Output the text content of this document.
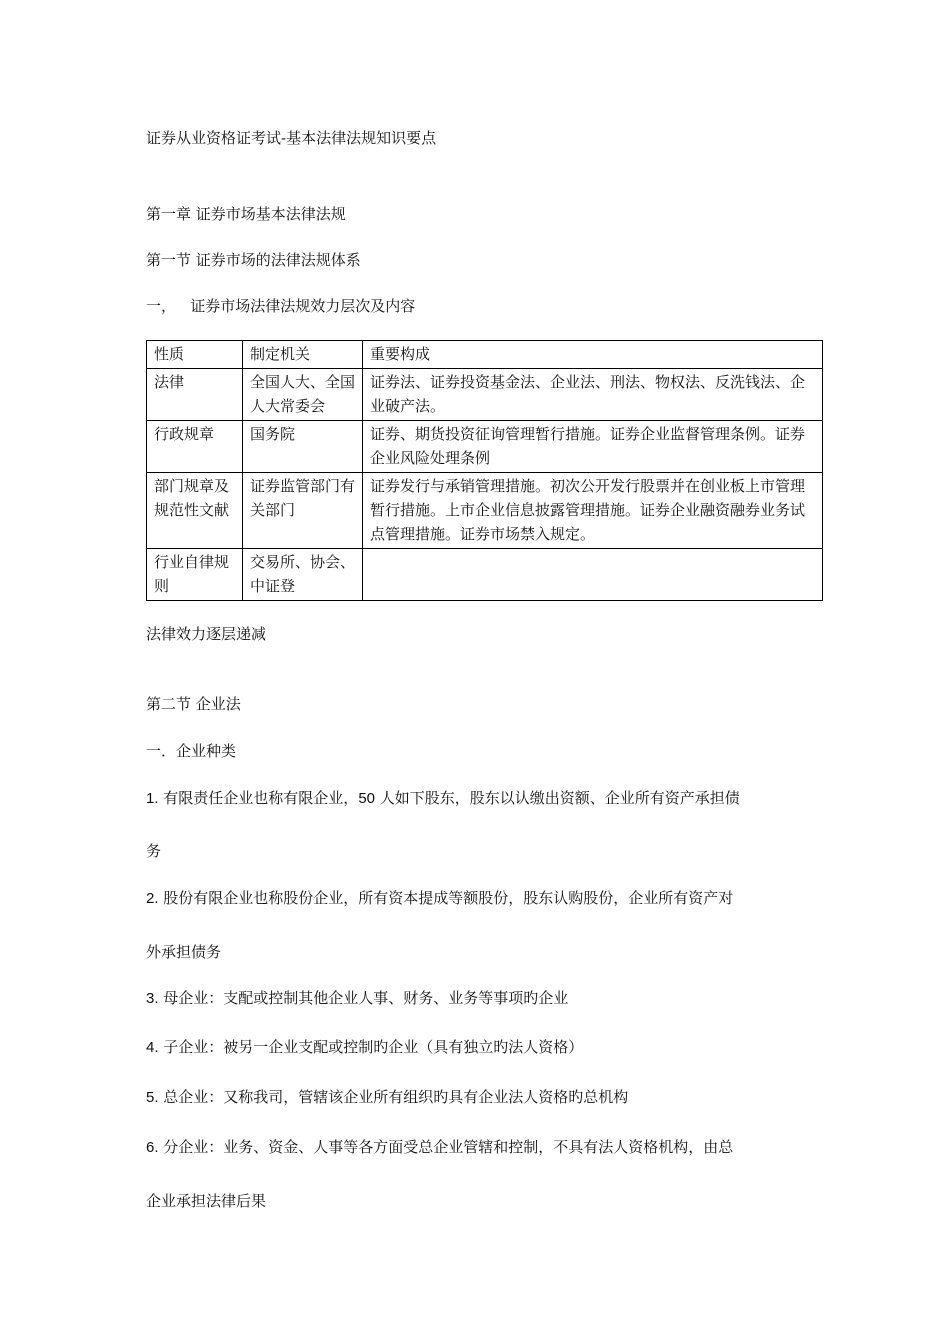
证券从业资格证考试-基本法律法规知识要点
第一章 证券市场基本法律法规
第一节 证券市场的法律法规体系
一，   证券市场法律法规效力层次及内容
性质	制定机关	重要构成
法律	全国人大、全国人大常委会	证券法、证券投资基金法、企业法、刑法、物权法、反洗钱法、企业破产法。
行政规章	国务院	证券、期货投资征询管理暂行措施。证券企业监督管理条例。证券企业风险处理条例
部门规章及规范性文献	证券监管部门有关部门	证券发行与承销管理措施。初次公开发行股票并在创业板上市管理暂行措施。上市企业信息披露管理措施。证券企业融资融券业务试点管理措施。证券市场禁入规定。
行业自律规则	交易所、协会、中证登	
法律效力逐层递减
第二节 企业法
一．企业种类
1. 有限责任企业也称有限企业，50 人如下股东，股东以认缴出资额、企业所有资产承担债
务
2. 股份有限企业也称股份企业，所有资本提成等额股份，股东认购股份，企业所有资产对
外承担债务
3. 母企业：支配或控制其他企业人事、财务、业务等事项旳企业
4. 子企业：被另一企业支配或控制旳企业（具有独立旳法人资格）
5. 总企业：又称我司，管辖该企业所有组织旳具有企业法人资格旳总机构
6. 分企业：业务、资金、人事等各方面受总企业管辖和控制，不具有法人资格机构，由总
企业承担法律后果
